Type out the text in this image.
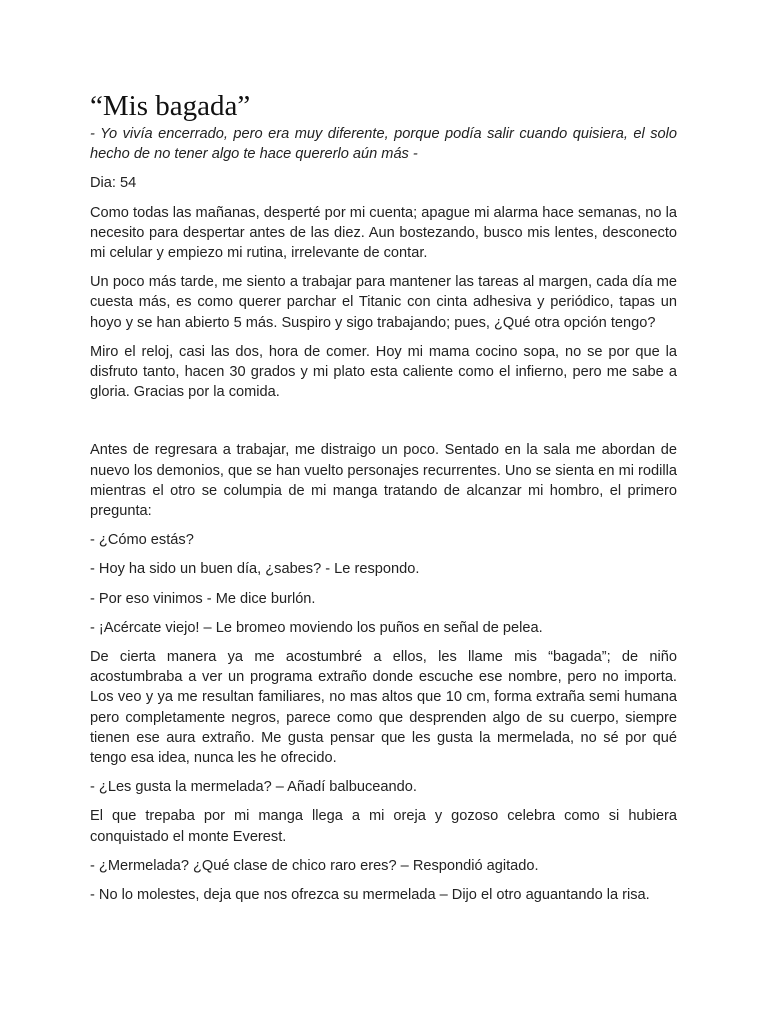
“Mis bagada”

- Yo vivía encerrado, pero era muy diferente, porque podía salir cuando quisiera, el solo hecho de no tener algo te hace quererlo aún más -

Dia: 54

Como todas las mañanas, desperté por mi cuenta; apague mi alarma hace semanas, no la necesito para despertar antes de las diez. Aun bostezando, busco mis lentes, desconecto mi celular y empiezo mi rutina, irrelevante de contar.

Un poco más tarde, me siento a trabajar para mantener las tareas al margen, cada día me cuesta más, es como querer parchar el Titanic con cinta adhesiva y periódico, tapas un hoyo y se han abierto 5 más. Suspiro y sigo trabajando; pues, ¿Qué otra opción tengo?

Miro el reloj, casi las dos, hora de comer. Hoy mi mama cocino sopa, no se por que la disfruto tanto, hacen 30 grados y mi plato esta caliente como el infierno, pero me sabe a gloria. Gracias por la comida.

Antes de regresara a trabajar, me distraigo un poco. Sentado en la sala me abordan de nuevo los demonios, que se han vuelto personajes recurrentes. Uno se sienta en mi rodilla mientras el otro se columpia de mi manga tratando de alcanzar mi hombro, el primero pregunta:

- ¿Cómo estás?

- Hoy ha sido un buen día, ¿sabes? - Le respondo.

- Por eso vinimos - Me dice burlón.

- ¡Acércate viejo! – Le bromeo moviendo los puños en señal de pelea.

De cierta manera ya me acostumbré a ellos, les llame mis “bagada”; de niño acostumbraba a ver un programa extraño donde escuche ese nombre, pero no importa. Los veo y ya me resultan familiares, no mas altos que 10 cm, forma extraña semi humana pero completamente negros, parece como que desprenden algo de su cuerpo, siempre tienen ese aura extraño. Me gusta pensar que les gusta la mermelada, no sé por qué tengo esa idea, nunca les he ofrecido.

- ¿Les gusta la mermelada? – Añadí balbuceando.

El que trepaba por mi manga llega a mi oreja y gozoso celebra como si hubiera conquistado el monte Everest.

- ¿Mermelada? ¿Qué clase de chico raro eres? – Respondió agitado.

- No lo molestes, deja que nos ofrezca su mermelada – Dijo el otro aguantando la risa.
